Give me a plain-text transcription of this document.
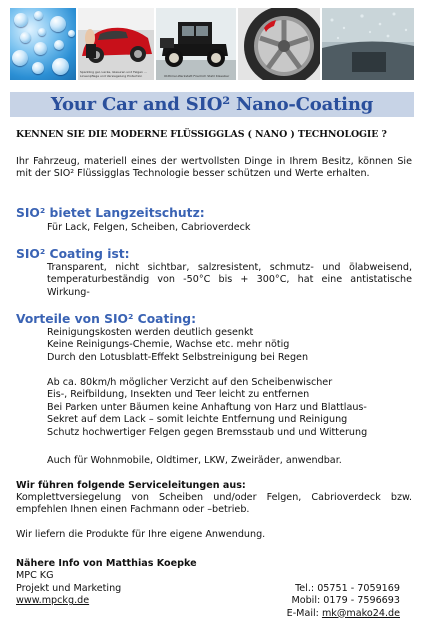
Sparkling gel, Lacke, Glasuren und Felgen ... Linsenpflege und Versiegelung Protection	Oldtimer-Werkstatt Friedrich Stahl Klassiker
Your Car and SIO² Nano-Coating
KENNEN SIE DIE MODERNE FLÜSSIGGLAS ( NANO ) TECHNOLOGIE ?
Ihr Fahrzeug, materiell eines der wertvollsten Dinge in Ihrem Besitz, können Sie mit der SIO² Flüssigglas Technologie besser schützen und Werte erhalten.
SIO² bietet Langzeitschutz:
Für Lack, Felgen, Scheiben, Cabrioverdeck
SIO² Coating ist:
Transparent, nicht sichtbar, salzresistent, schmutz- und ölabweisend, temperaturbeständig von -50°C bis + 300°C, hat eine antistatische Wirkung-
Vorteile von SIO² Coating:
Reinigungskosten werden deutlich gesenkt
Keine Reinigungs-Chemie, Wachse etc. mehr nötig
Durch den Lotusblatt-Effekt Selbstreinigung bei Regen
Ab ca. 80km/h möglicher Verzicht auf den Scheibenwischer
Eis-, Reifbildung, Insekten und Teer leicht zu entfernen
Bei Parken unter Bäumen keine Anhaftung von Harz und Blattlaus-
Sekret auf dem Lack – somit leichte Entfernung und Reinigung
Schutz hochwertiger Felgen gegen Bremsstaub und und Witterung
Auch für Wohnmobile, Oldtimer, LKW, Zweiräder, anwendbar.
Wir führen folgende Serviceleitungen aus:
Komplettversiegelung von Scheiben und/oder Felgen, Cabrioverdeck bzw. empfehlen Ihnen einen Fachmann oder –betrieb.
Wir liefern die Produkte für Ihre eigene Anwendung.
Nähere Info von Matthias Koepke
MPC KG
Projekt und Marketing	Tel.: 05751 - 7059169
www.mpckg.de	Mobil: 0179 - 7596693
E-Mail: mk@mako24.de
